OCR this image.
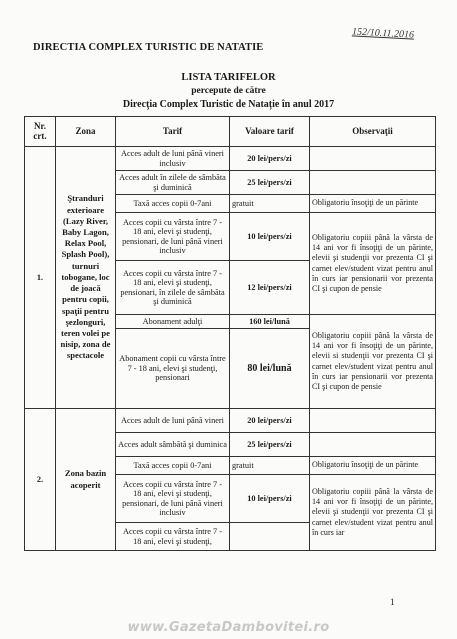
DIRECTIA COMPLEX TURISTIC DE NATATIE
152/10.11.2016
LISTA TARIFELOR
percepute de către
Direcţia Complex Turistic de Natație în anul 2017
Nr. crt.	Zona	Tarif	Valoare tarif	Observaţii
1.	Ştranduri exterioare (Lazy River, Baby Lagon, Relax Pool, Splash Pool), turnuri tobogane, loc de joacă pentru copii, spaţii pentru şezlonguri, teren volei pe nisip, zona de spectacole	Acces adult de luni până vineri inclusiv	20 lei/pers/zi	
		Acces adult în zilele de sâmbăta şi duminică	25 lei/pers/zi	
		Taxă acces copii 0-7ani	gratuit	Obligatoriu însoţiţi de un părinte
		Acces copii cu vârsta între 7 - 18 ani, elevi şi studenţi, pensionari, de luni până vineri inclusiv	10 lei/pers/zi	Obligatoriu copiii până la vârsta de 14 ani vor fi însoţiţi de un părinte, elevii şi studenţii vor prezenta CI şi carnet elev/student vizat pentru anul în curs iar pensionarii vor prezenta CI şi cupon de pensie
		Acces copii cu vârsta între 7 - 18 ani, elevi şi studenţi, pensionari, în zilele de sâmbăta şi duminică	12 lei/pers/zi	
		Abonament adulţi	160 lei/lună	Obligatoriu copiii până la vârsta de 14 ani vor fi însoţiţi de un părinte, elevii si studenţii vor prezenta CI şi carnet elev/student vizat pentru anul în curs iar pensionarii vor prezenta CI şi cupon de pensie
		Abonament copii cu vârsta între 7 - 18 ani, elevi şi studenţi, pensionari	80 lei/lună	
2.	Zona bazin acoperit	Acces adult de luni până vineri	20 lei/pers/zi	
		Acces adult sâmbătă şi duminica	25 lei/pers/zi	
		Taxă acces copii 0-7ani	gratuit	Obligatoriu însoţiţi de un părinte
		Acces copii cu vârsta între 7 - 18 ani, elevi şi studenţi, pensionari, de luni până vineri inclusiv	10 lei/pers/zi	Obligatoriu copiii până la vârsta de 14 ani vor fi însoţiţi de un părinte, elevii şi studenţii vor prezenta CI şi carnet elev/student vizat pentru anul în curs iar
		Acces copii cu vârsta între 7 - 18 ani, elevi şi studenţi,		
1
www.GazetaDambovitei.ro
